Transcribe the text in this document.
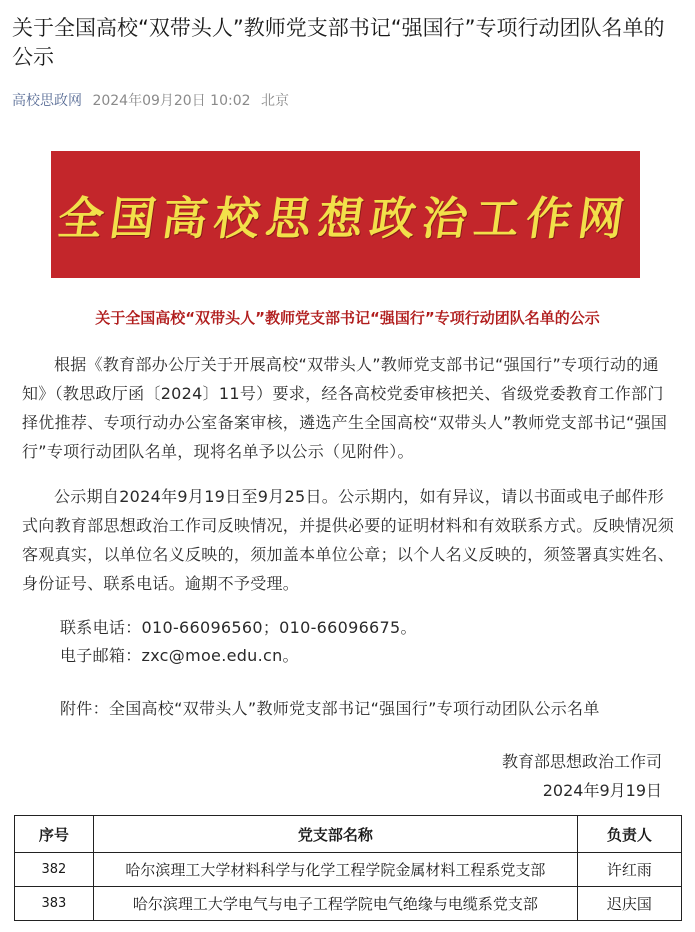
关于全国高校“双带头人”教师党支部书记“强国行”专项行动团队名单的公示
高校思政网 2024年09月20日 10:02 北京
全国高校思想政治工作网
关于全国高校“双带头人”教师党支部书记“强国行”专项行动团队名单的公示
根据《教育部办公厅关于开展高校“双带头人”教师党支部书记“强国行”专项行动的通知》（教思政厅函〔2024〕11号）要求，经各高校党委审核把关、省级党委教育工作部门择优推荐、专项行动办公室备案审核，遴选产生全国高校“双带头人”教师党支部书记“强国行”专项行动团队名单，现将名单予以公示（见附件）。
公示期自2024年9月19日至9月25日。公示期内，如有异议，请以书面或电子邮件形式向教育部思想政治工作司反映情况，并提供必要的证明材料和有效联系方式。反映情况须客观真实，以单位名义反映的，须加盖本单位公章；以个人名义反映的，须签署真实姓名、身份证号、联系电话。逾期不予受理。
联系电话：010-66096560；010-66096675。
电子邮箱：zxc@moe.edu.cn。
附件：全国高校“双带头人”教师党支部书记“强国行”专项行动团队公示名单
教育部思想政治工作司
2024年9月19日
序号	党支部名称	负责人
382	哈尔滨理工大学材料科学与化学工程学院金属材料工程系党支部	许红雨
383	哈尔滨理工大学电气与电子工程学院电气绝缘与电缆系党支部	迟庆国
